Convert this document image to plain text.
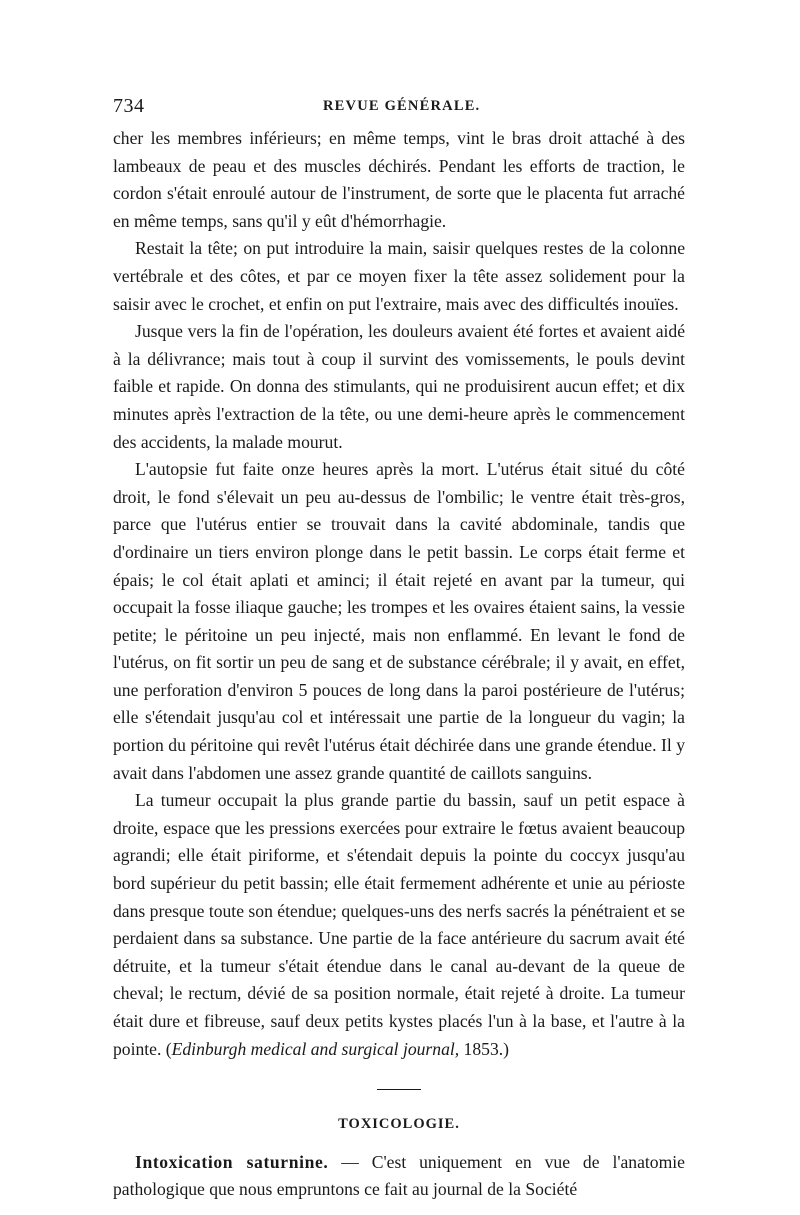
734	REVUE GÉNÉRALE.

cher les membres inférieurs; en même temps, vint le bras droit attaché à des lambeaux de peau et des muscles déchirés. Pendant les efforts de traction, le cordon s'était enroulé autour de l'instrument, de sorte que le placenta fut arraché en même temps, sans qu'il y eût d'hémorrhagie.

Restait la tête; on put introduire la main, saisir quelques restes de la colonne vertébrale et des côtes, et par ce moyen fixer la tête assez solidement pour la saisir avec le crochet, et enfin on put l'extraire, mais avec des difficultés inouïes.

Jusque vers la fin de l'opération, les douleurs avaient été fortes et avaient aidé à la délivrance; mais tout à coup il survint des vomissements, le pouls devint faible et rapide. On donna des stimulants, qui ne produisirent aucun effet; et dix minutes après l'extraction de la tête, ou une demi-heure après le commencement des accidents, la malade mourut.

L'autopsie fut faite onze heures après la mort. L'utérus était situé du côté droit, le fond s'élevait un peu au-dessus de l'ombilic; le ventre était très-gros, parce que l'utérus entier se trouvait dans la cavité abdominale, tandis que d'ordinaire un tiers environ plonge dans le petit bassin. Le corps était ferme et épais; le col était aplati et aminci; il était rejeté en avant par la tumeur, qui occupait la fosse iliaque gauche; les trompes et les ovaires étaient sains, la vessie petite; le péritoine un peu injecté, mais non enflammé. En levant le fond de l'utérus, on fit sortir un peu de sang et de substance cérébrale; il y avait, en effet, une perforation d'environ 5 pouces de long dans la paroi postérieure de l'utérus; elle s'étendait jusqu'au col et intéressait une partie de la longueur du vagin; la portion du péritoine qui revêt l'utérus était déchirée dans une grande étendue. Il y avait dans l'abdomen une assez grande quantité de caillots sanguins.

La tumeur occupait la plus grande partie du bassin, sauf un petit espace à droite, espace que les pressions exercées pour extraire le fœtus avaient beaucoup agrandi; elle était piriforme, et s'étendait depuis la pointe du coccyx jusqu'au bord supérieur du petit bassin; elle était fermement adhérente et unie au périoste dans presque toute son étendue; quelques-uns des nerfs sacrés la pénétraient et se perdaient dans sa substance. Une partie de la face antérieure du sacrum avait été détruite, et la tumeur s'était étendue dans le canal au-devant de la queue de cheval; le rectum, dévié de sa position normale, était rejeté à droite. La tumeur était dure et fibreuse, sauf deux petits kystes placés l'un à la base, et l'autre à la pointe. (Edinburgh medical and surgical journal, 1853.)

TOXICOLOGIE.

Intoxication saturnine. — C'est uniquement en vue de l'anatomie pathologique que nous empruntons ce fait au journal de la Société
